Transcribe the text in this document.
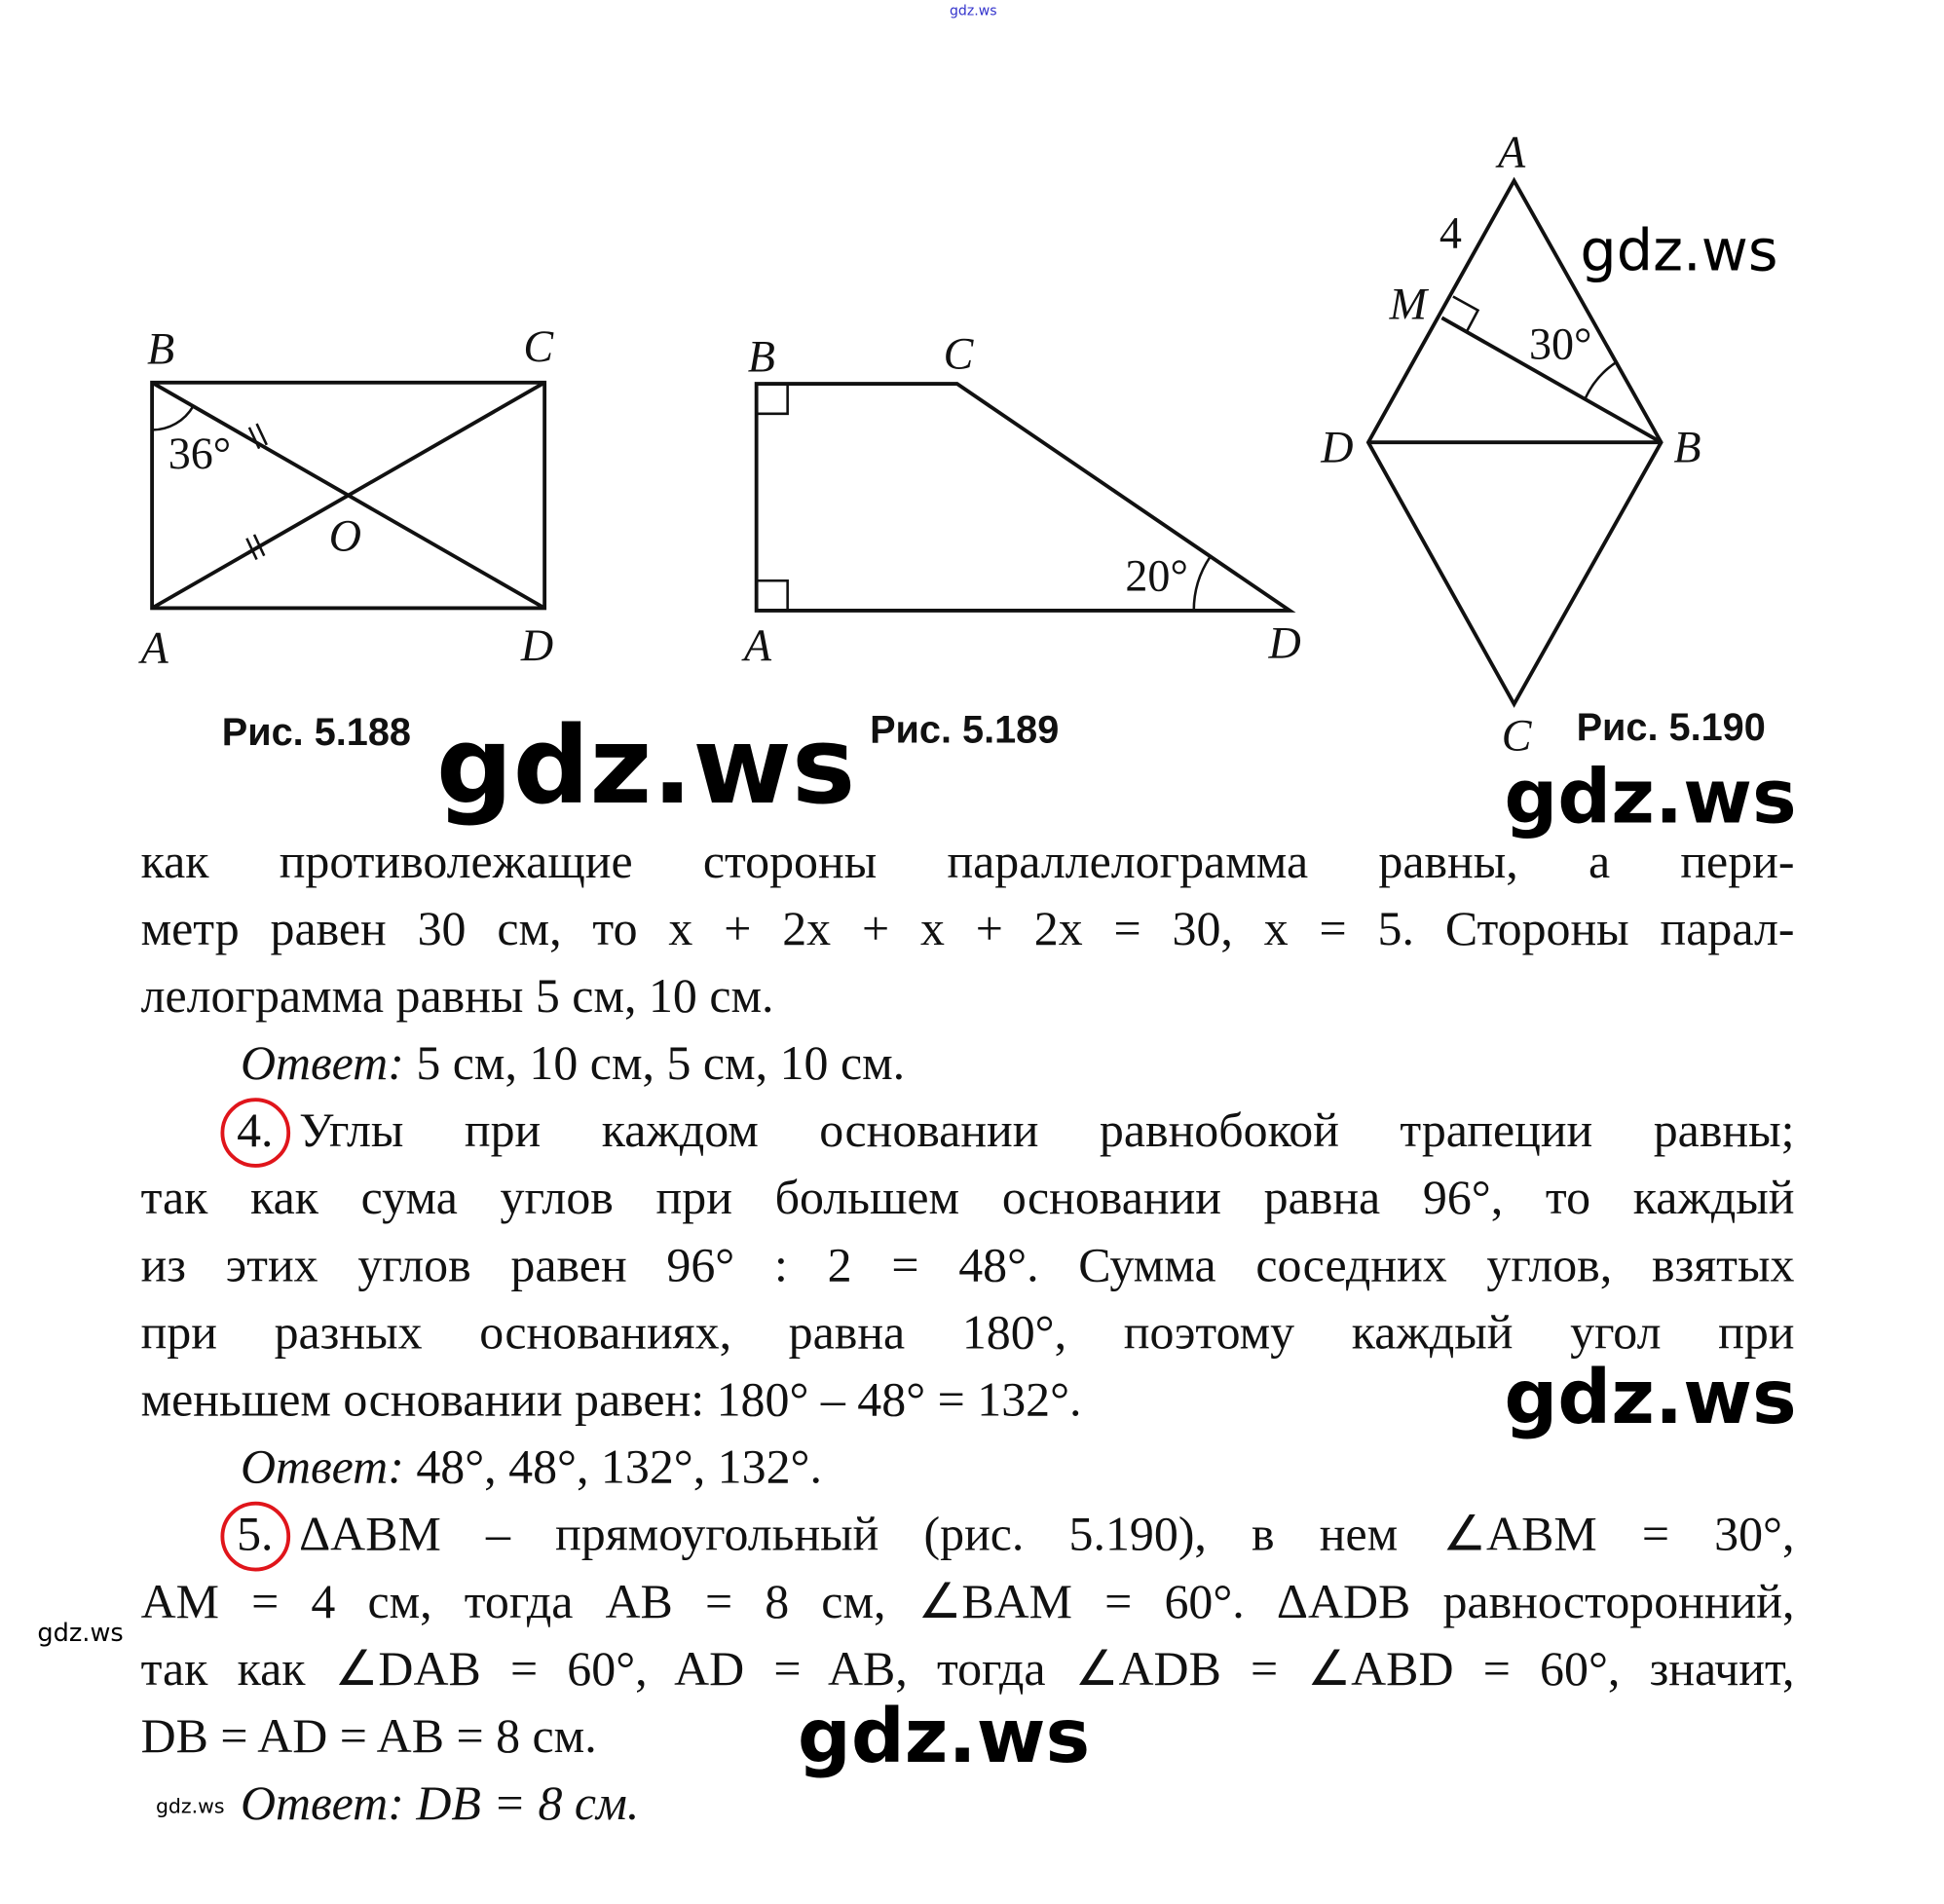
B	C
A	D
O
36°
Рис. 5.188
B	C
A	D
20°
Рис. 5.189
A
4
M
30°
D	B
C Рис. 5.190
как противолежащие стороны параллелограмма равны, а пери-
метр равен 30 см, то x + 2x + x + 2x = 30, x = 5. Стороны парал-
лелограмма равны 5 см, 10 см.
Ответ: 5 см, 10 см, 5 см, 10 см.
4. Углы при каждом основании равнобокой трапеции равны;
так как сума углов при большем основании равна 96°, то каждый
из этих углов равен 96° : 2 = 48°. Сумма соседних углов, взятых
при разных основаниях, равна 180°, поэтому каждый угол при
меньшем основании равен: 180° – 48° = 132°.
Ответ: 48°, 48°, 132°, 132°.
5. ΔABM – прямоугольный (рис. 5.190), в нем ∠ABM = 30°,
AM = 4 см, тогда AB = 8 см, ∠BAM = 60°. ΔADB равносторонний,
так как ∠DAB = 60°, AD = AB, тогда ∠ADB = ∠ABD = 60°, значит,
DB = AD = AB = 8 см.
Ответ: DB = 8 см.
gdz.ws
gdz.ws
gdz.ws	gdz.ws
gdz.ws
gdz.ws
gdz.ws
gdz.ws
